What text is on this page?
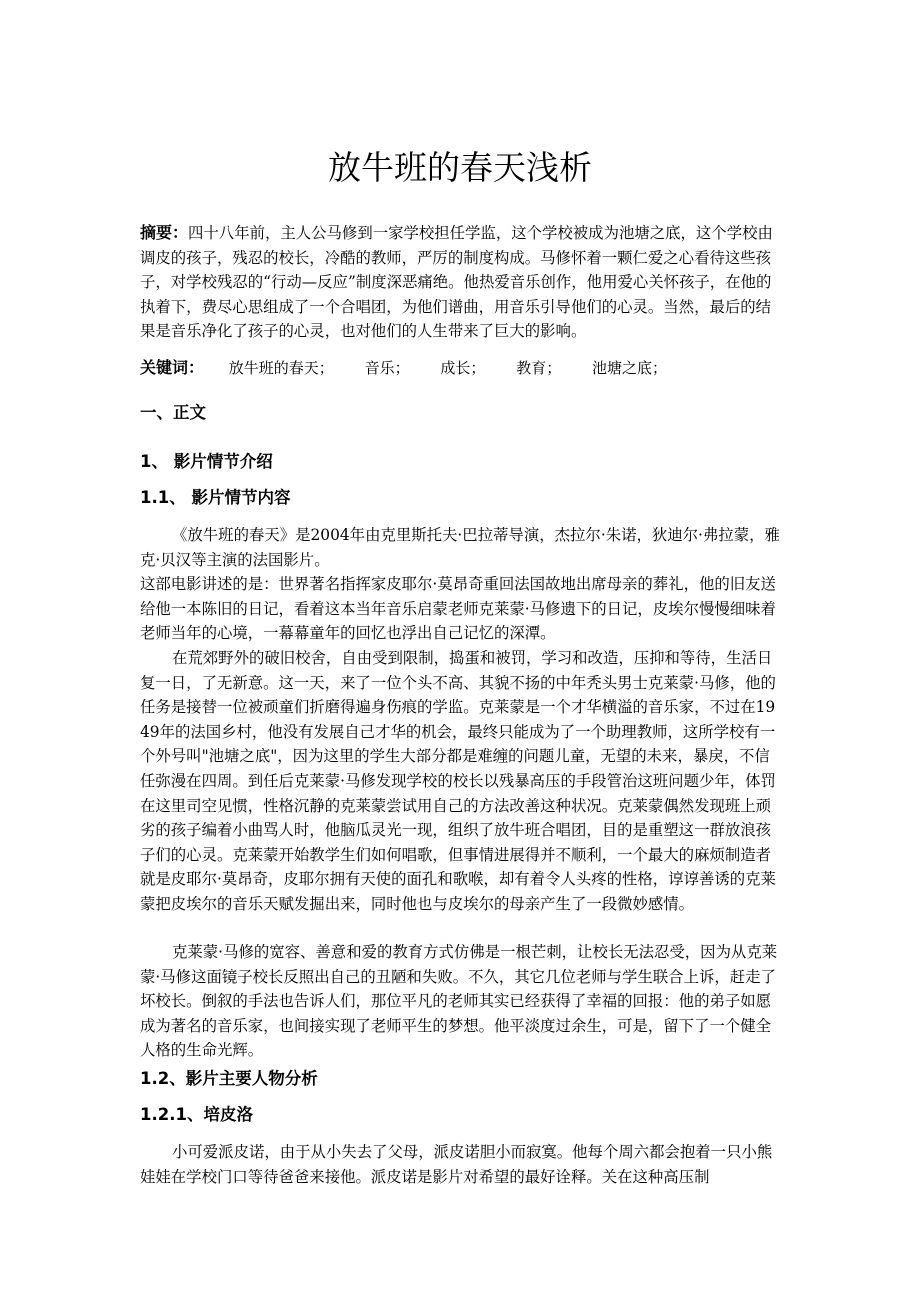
放牛班的春天浅析

摘要：四十八年前，主人公马修到一家学校担任学监，这个学校被成为池塘之底，这个学校由调皮的孩子，残忍的校长，冷酷的教师，严厉的制度构成。马修怀着一颗仁爱之心看待这些孩子，对学校残忍的“行动—反应”制度深恶痛绝。他热爱音乐创作，他用爱心关怀孩子，在他的执着下，费尽心思组成了一个合唱团，为他们谱曲，用音乐引导他们的心灵。当然，最后的结果是音乐净化了孩子的心灵，也对他们的人生带来了巨大的影响。

关键词： 放牛班的春天； 音乐； 成长； 教育； 池塘之底；
一、正文
1、 影片情节介绍
1.1、 影片情节内容

《放牛班的春天》是2004年由克里斯托夫·巴拉蒂导演，杰拉尔·朱诺，狄迪尔·弗拉蒙，雅克·贝汉等主演的法国影片。

这部电影讲述的是：世界著名指挥家皮耶尔·莫昂奇重回法国故地出席母亲的葬礼，他的旧友送给他一本陈旧的日记，看着这本当年音乐启蒙老师克莱蒙·马修遗下的日记，皮埃尔慢慢细味着老师当年的心境，一幕幕童年的回忆也浮出自己记忆的深潭。

在荒郊野外的破旧校舍，自由受到限制，捣蛋和被罚，学习和改造，压抑和等待，生活日复一日，了无新意。这一天，来了一位个头不高、其貌不扬的中年秃头男士克莱蒙·马修，他的任务是接替一位被顽童们折磨得遍身伤痕的学监。克莱蒙是一个才华横溢的音乐家，不过在1949年的法国乡村，他没有发展自己才华的机会，最终只能成为了一个助理教师，这所学校有一个外号叫"池塘之底"，因为这里的学生大部分都是难缠的问题儿童，无望的未来，暴戾，不信任弥漫在四周。到任后克莱蒙·马修发现学校的校长以残暴高压的手段管治这班问题少年，体罚在这里司空见惯，性格沉静的克莱蒙尝试用自己的方法改善这种状况。克莱蒙偶然发现班上顽劣的孩子编着小曲骂人时，他脑瓜灵光一现，组织了放牛班合唱团，目的是重塑这一群放浪孩子们的心灵。克莱蒙开始教学生们如何唱歌，但事情进展得并不顺利，一个最大的麻烦制造者就是皮耶尔·莫昂奇，皮耶尔拥有天使的面孔和歌喉，却有着令人头疼的性格，谆谆善诱的克莱蒙把皮埃尔的音乐天赋发掘出来，同时他也与皮埃尔的母亲产生了一段微妙感情。

克莱蒙·马修的宽容、善意和爱的教育方式仿佛是一根芒刺，让校长无法忍受，因为从克莱蒙·马修这面镜子校长反照出自己的丑陋和失败。不久，其它几位老师与学生联合上诉，赶走了坏校长。倒叙的手法也告诉人们，那位平凡的老师其实已经获得了幸福的回报：他的弟子如愿成为著名的音乐家，也间接实现了老师平生的梦想。他平淡度过余生，可是，留下了一个健全人格的生命光辉。

1.2、影片主要人物分析
1.2.1、培皮洛

小可爱派皮诺，由于从小失去了父母，派皮诺胆小而寂寞。他每个周六都会抱着一只小熊娃娃在学校门口等待爸爸来接他。派皮诺是影片对希望的最好诠释。关在这种高压制
